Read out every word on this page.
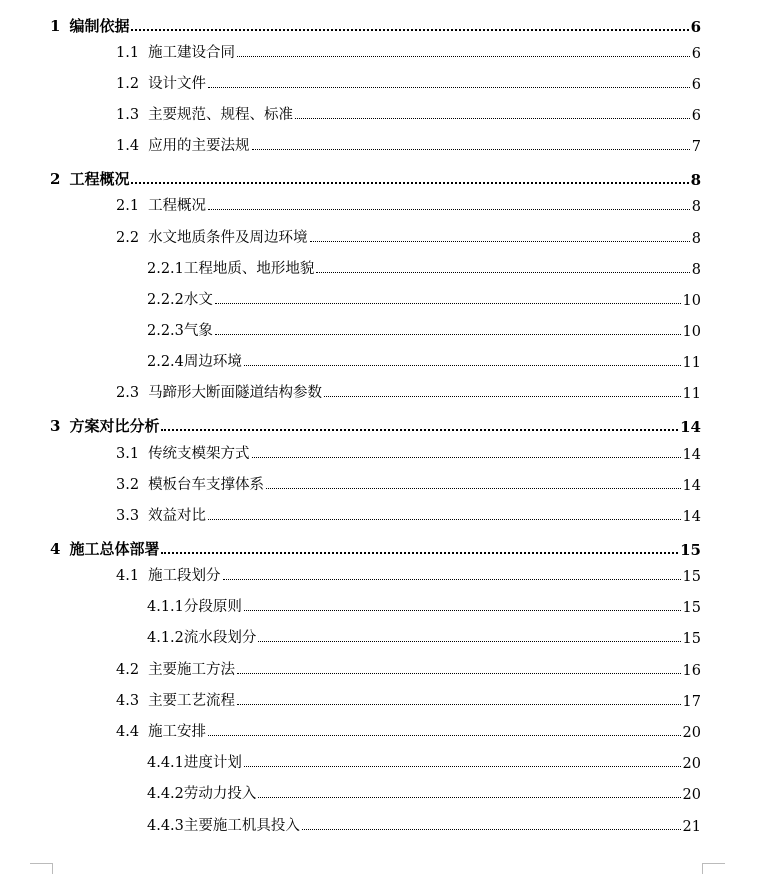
1 编制依据	6
1.1 施工建设合同	6
1.2 设计文件	6
1.3 主要规范、规程、标准	6
1.4 应用的主要法规	7
2 工程概况	8
2.1 工程概况	8
2.2 水文地质条件及周边环境	8
2.2.1工程地质、地形地貌	8
2.2.2水文	10
2.2.3气象	10
2.2.4周边环境	11
2.3 马蹄形大断面隧道结构参数	11
3 方案对比分析	14
3.1 传统支模架方式	14
3.2 模板台车支撑体系	14
3.3 效益对比	14
4 施工总体部署	15
4.1 施工段划分	15
4.1.1分段原则	15
4.1.2流水段划分	15
4.2 主要施工方法	16
4.3 主要工艺流程	17
4.4 施工安排	20
4.4.1进度计划	20
4.4.2劳动力投入	20
4.4.3主要施工机具投入	21
